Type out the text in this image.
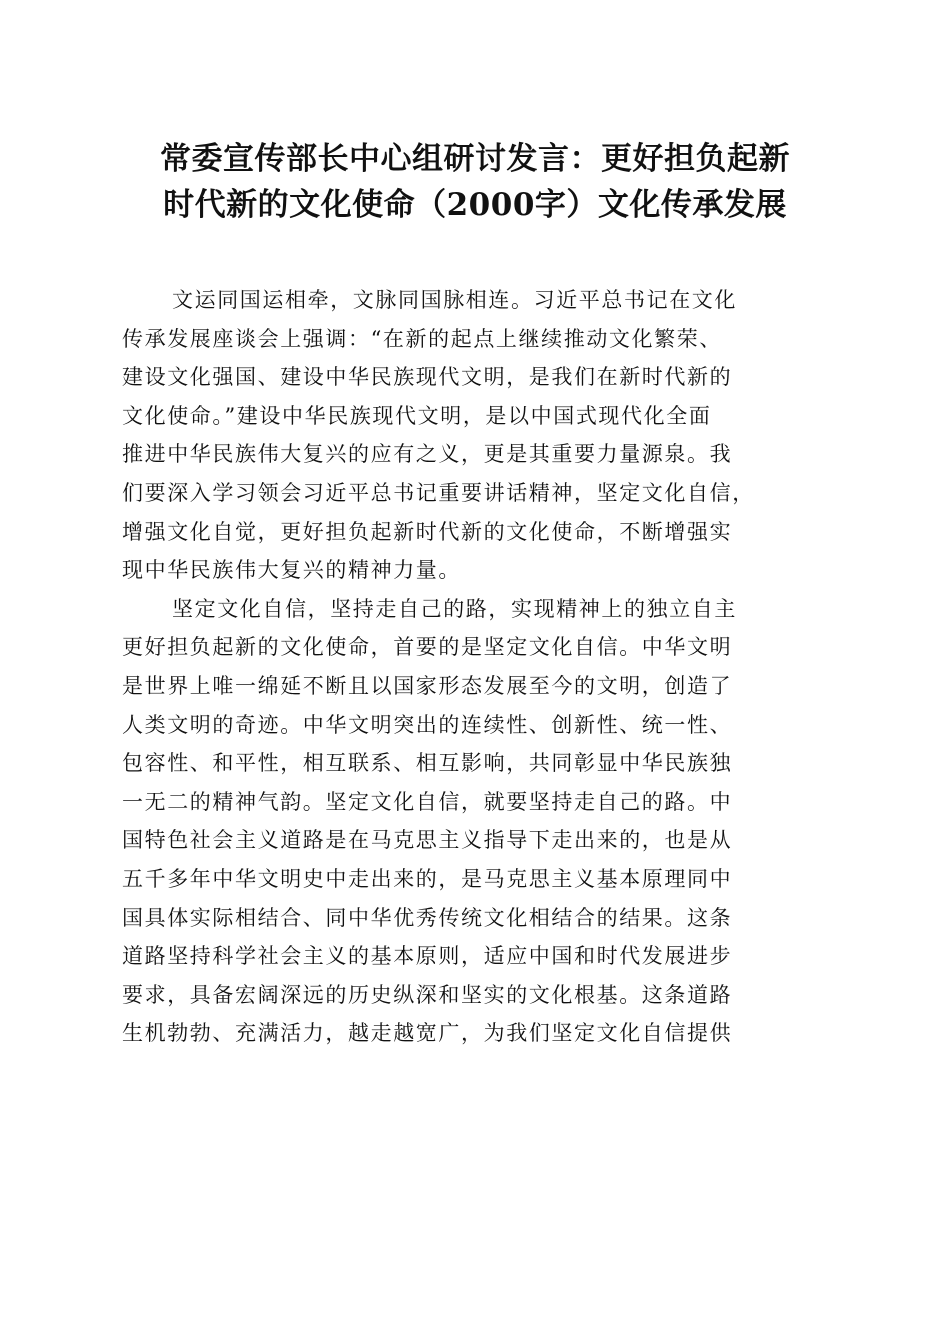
常委宣传部长中心组研讨发言：更好担负起新
时代新的文化使命（2000字）文化传承发展

文运同国运相牵，文脉同国脉相连。习近平总书记在文化
传承发展座谈会上强调：“在新的起点上继续推动文化繁荣、
建设文化强国、建设中华民族现代文明，是我们在新时代新的
文化使命。”建设中华民族现代文明，是以中国式现代化全面
推进中华民族伟大复兴的应有之义，更是其重要力量源泉。我
们要深入学习领会习近平总书记重要讲话精神，坚定文化自信，
增强文化自觉，更好担负起新时代新的文化使命，不断增强实
现中华民族伟大复兴的精神力量。

坚定文化自信，坚持走自己的路，实现精神上的独立自主
更好担负起新的文化使命，首要的是坚定文化自信。中华文明
是世界上唯一绵延不断且以国家形态发展至今的文明，创造了
人类文明的奇迹。中华文明突出的连续性、创新性、统一性、
包容性、和平性，相互联系、相互影响，共同彰显中华民族独
一无二的精神气韵。坚定文化自信，就要坚持走自己的路。中
国特色社会主义道路是在马克思主义指导下走出来的，也是从
五千多年中华文明史中走出来的，是马克思主义基本原理同中
国具体实际相结合、同中华优秀传统文化相结合的结果。这条
道路坚持科学社会主义的基本原则，适应中国和时代发展进步
要求，具备宏阔深远的历史纵深和坚实的文化根基。这条道路
生机勃勃、充满活力，越走越宽广，为我们坚定文化自信提供
